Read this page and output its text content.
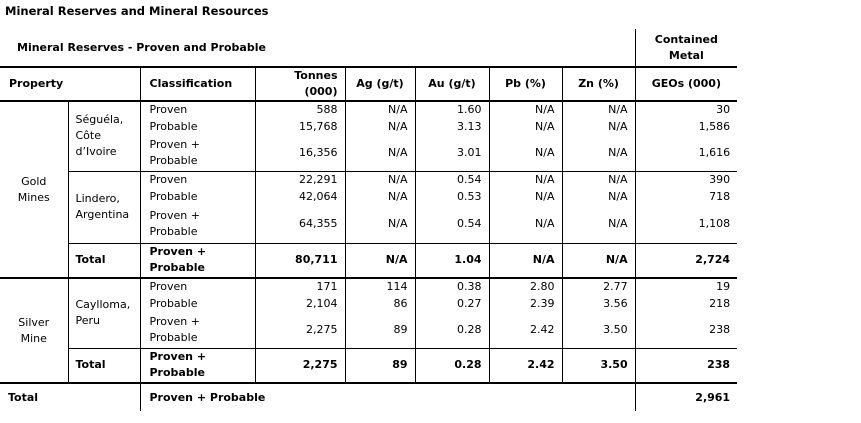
Mineral Reserves and Mineral Resources
Mineral Reserves - Proven and Probable								Contained Metal
Property		Classification	Tonnes (000)	Ag (g/t)	Au (g/t)	Pb (%)	Zn (%)	GEOs (000)
Gold Mines	Séguéla, Côte d’Ivoire	Proven	588	N/A	1.60	N/A	N/A	30
		Probable	15,768	N/A	3.13	N/A	N/A	1,586
		Proven + Probable	16,356	N/A	3.01	N/A	N/A	1,616
	Lindero, Argentina	Proven	22,291	N/A	0.54	N/A	N/A	390
		Probable	42,064	N/A	0.53	N/A	N/A	718
		Proven + Probable	64,355	N/A	0.54	N/A	N/A	1,108
	Total	Proven + Probable	80,711	N/A	1.04	N/A	N/A	2,724
Silver Mine	Caylloma, Peru	Proven	171	114	0.38	2.80	2.77	19
		Probable	2,104	86	0.27	2.39	3.56	218
		Proven + Probable	2,275	89	0.28	2.42	3.50	238
	Total	Proven + Probable	2,275	89	0.28	2.42	3.50	238
Total		Proven + Probable						2,961
